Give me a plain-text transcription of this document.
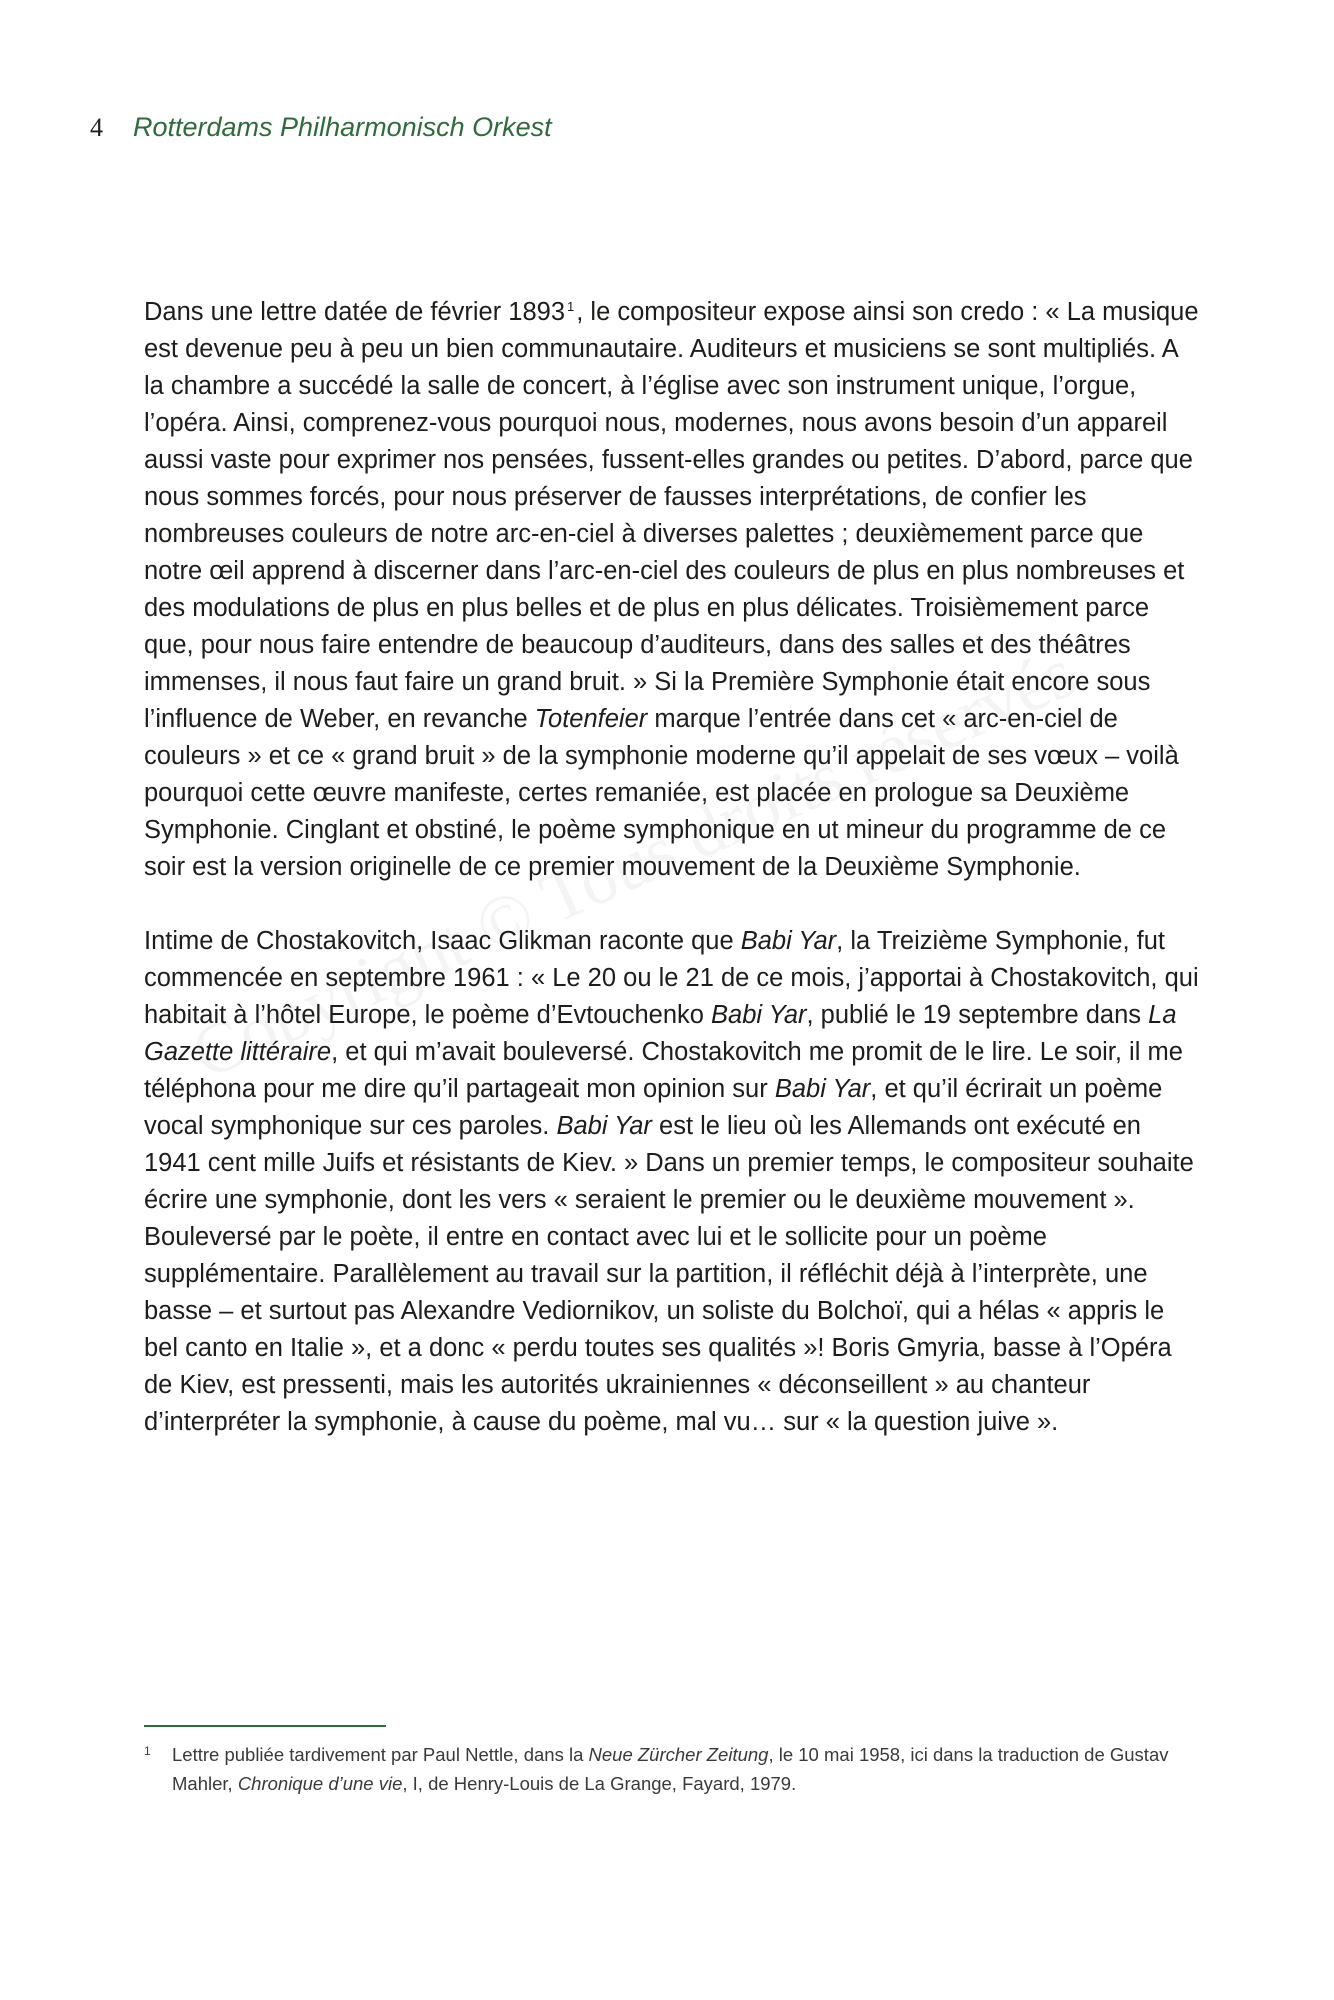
4 Rotterdams Philharmonisch Orkest

Dans une lettre datée de février 1893 $^1$, le compositeur expose ainsi son credo : « La musique est devenue peu à peu un bien communautaire. Auditeurs et musiciens se sont multipliés. A la chambre a succédé la salle de concert, à l’église avec son instrument unique, l’orgue, l’opéra. Ainsi, comprenez-vous pourquoi nous, modernes, nous avons besoin d’un appareil aussi vaste pour exprimer nos pensées, fussent-elles grandes ou petites. D’abord, parce que nous sommes forcés, pour nous préserver de fausses interprétations, de confier les nombreuses couleurs de notre arc-en-ciel à diverses palettes ; deuxièmement parce que notre œil apprend à discerner dans l’arc-en-ciel des couleurs de plus en plus nombreuses et des modulations de plus en plus belles et de plus en plus délicates. Troisièmement parce que, pour nous faire entendre de beaucoup d’auditeurs, dans des salles et des théâtres immenses, il nous faut faire un grand bruit. » Si la Première Symphonie était encore sous l’influence de Weber, en revanche Totenfeier marque l’entrée dans cet « arc-en-ciel de couleurs » et ce « grand bruit » de la symphonie moderne qu’il appelait de ses vœux – voilà pourquoi cette œuvre manifeste, certes remaniée, est placée en prologue sa Deuxième Symphonie. Cinglant et obstiné, le poème symphonique en ut mineur du programme de ce soir est la version originelle de ce premier mouvement de la Deuxième Symphonie.

Intime de Chostakovitch, Isaac Glikman raconte que Babi Yar, la Treizième Symphonie, fut commencée en septembre 1961 : « Le 20 ou le 21 de ce mois, j’apportai à Chostakovitch, qui habitait à l’hôtel Europe, le poème d’Evtouchenko Babi Yar, publié le 19 septembre dans La Gazette littéraire, et qui m’avait bouleversé. Chostakovitch me promit de le lire. Le soir, il me téléphona pour me dire qu’il partageait mon opinion sur Babi Yar, et qu’il écrirait un poème vocal symphonique sur ces paroles. Babi Yar est le lieu où les Allemands ont exécuté en 1941 cent mille Juifs et résistants de Kiev. » Dans un premier temps, le compositeur souhaite écrire une symphonie, dont les vers « seraient le premier ou le deuxième mouvement ». Bouleversé par le poète, il entre en contact avec lui et le sollicite pour un poème supplémentaire. Parallèlement au travail sur la partition, il réfléchit déjà à l’interprète, une basse – et surtout pas Alexandre Vediornikov, un soliste du Bolchoï, qui a hélas « appris le bel canto en Italie », et a donc « perdu toutes ses qualités »! Boris Gmyria, basse à l’Opéra de Kiev, est pressenti, mais les autorités ukrainiennes « déconseillent » au chanteur d’interpréter la symphonie, à cause du poème, mal vu… sur « la question juive ».

1	Lettre publiée tardivement par Paul Nettle, dans la Neue Zürcher Zeitung, le 10 mai 1958, ici dans la traduction de Gustav Mahler, Chronique d’une vie, I, de Henry-Louis de La Grange, Fayard, 1979.
